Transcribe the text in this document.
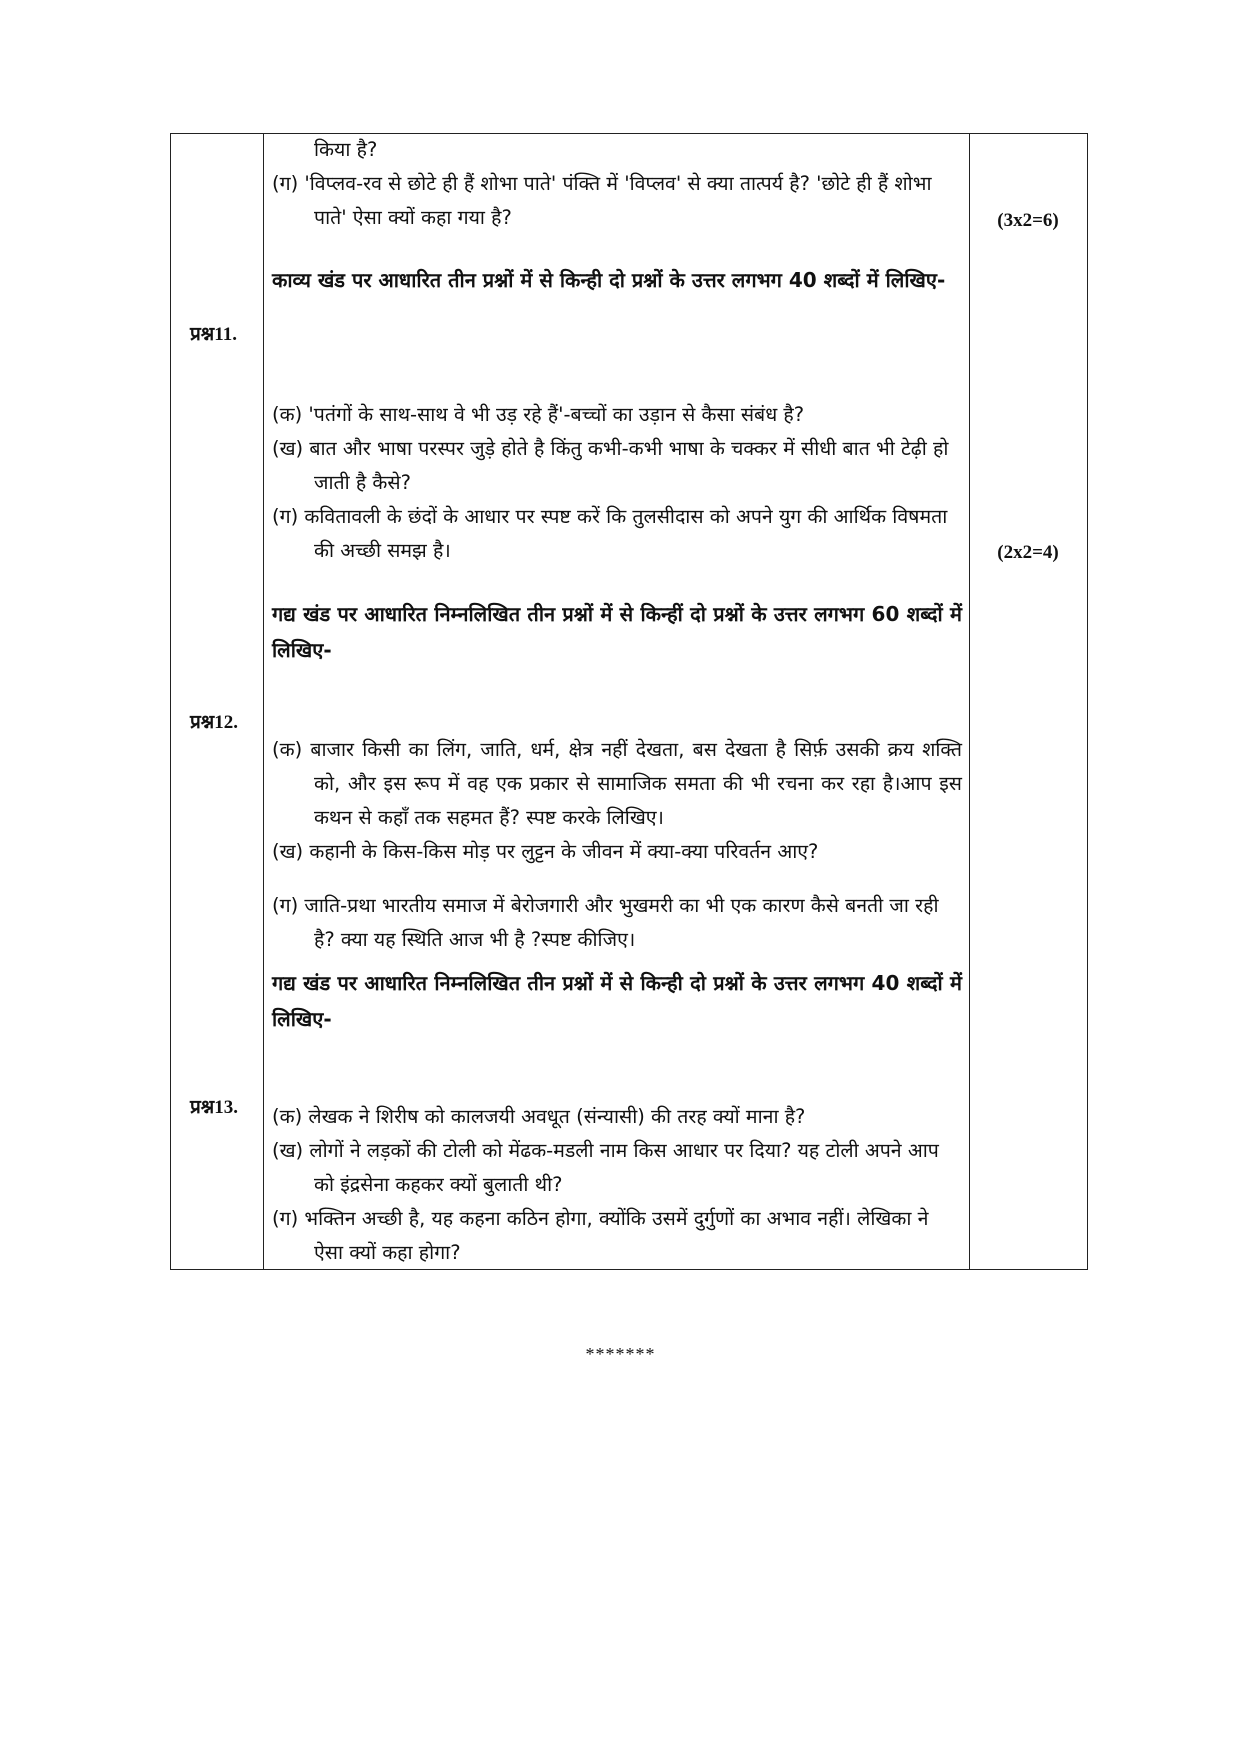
किया है?

(ग) 'विप्लव-रव से छोटे ही हैं शोभा पाते' पंक्ति में 'विप्लव' से क्या तात्पर्य है? 'छोटे ही हैं शोभा पाते' ऐसा क्यों कहा गया है?	(3x2=6)

काव्य खंड पर आधारित तीन प्रश्नों में से किन्ही दो प्रश्नों के उत्तर लगभग 40 शब्दों में लिखिए-

प्रश्न11.

(क) 'पतंगों के साथ-साथ वे भी उड़ रहे हैं'-बच्चों का उड़ान से कैसा संबंध है?

(ख) बात और भाषा परस्पर जुड़े होते है किंतु कभी-कभी भाषा के चक्कर में सीधी बात भी टेढ़ी हो जाती है कैसे?

(ग) कवितावली के छंदों के आधार पर स्पष्ट करें कि तुलसीदास को अपने युग की आर्थिक विषमता की अच्छी समझ है।	(2x2=4)

गद्य खंड पर आधारित निम्नलिखित तीन प्रश्नों में से किन्हीं दो प्रश्नों के उत्तर लगभग 60 शब्दों में लिखिए-

प्रश्न12.

(क) बाजार किसी का लिंग, जाति, धर्म, क्षेत्र नहीं देखता, बस देखता है सिर्फ़ उसकी क्रय शक्ति को, और इस रूप में वह एक प्रकार से सामाजिक समता की भी रचना कर रहा है।आप इस कथन से कहाँ तक सहमत हैं? स्पष्ट करके लिखिए।

(ख) कहानी के किस-किस मोड़ पर लुट्टन के जीवन में क्या-क्या परिवर्तन आए?

(ग) जाति-प्रथा भारतीय समाज में बेरोजगारी और भुखमरी का भी एक कारण कैसे बनती जा रही है? क्या यह स्थिति आज भी है ?स्पष्ट कीजिए।

गद्य खंड पर आधारित निम्नलिखित तीन प्रश्नों में से किन्ही दो प्रश्नों के उत्तर लगभग 40 शब्दों में लिखिए-

प्रश्न13. (क) लेखक ने शिरीष को कालजयी अवधूत (संन्यासी) की तरह क्यों माना है?

(ख) लोगों ने लड़कों की टोली को मेंढक-मडली नाम किस आधार पर दिया? यह टोली अपने आप को इंद्रसेना कहकर क्यों बुलाती थी?

(ग) भक्तिन अच्छी है, यह कहना कठिन होगा, क्योंकि उसमें दुर्गुणों का अभाव नहीं। लेखिका ने ऐसा क्यों कहा होगा?

*******
